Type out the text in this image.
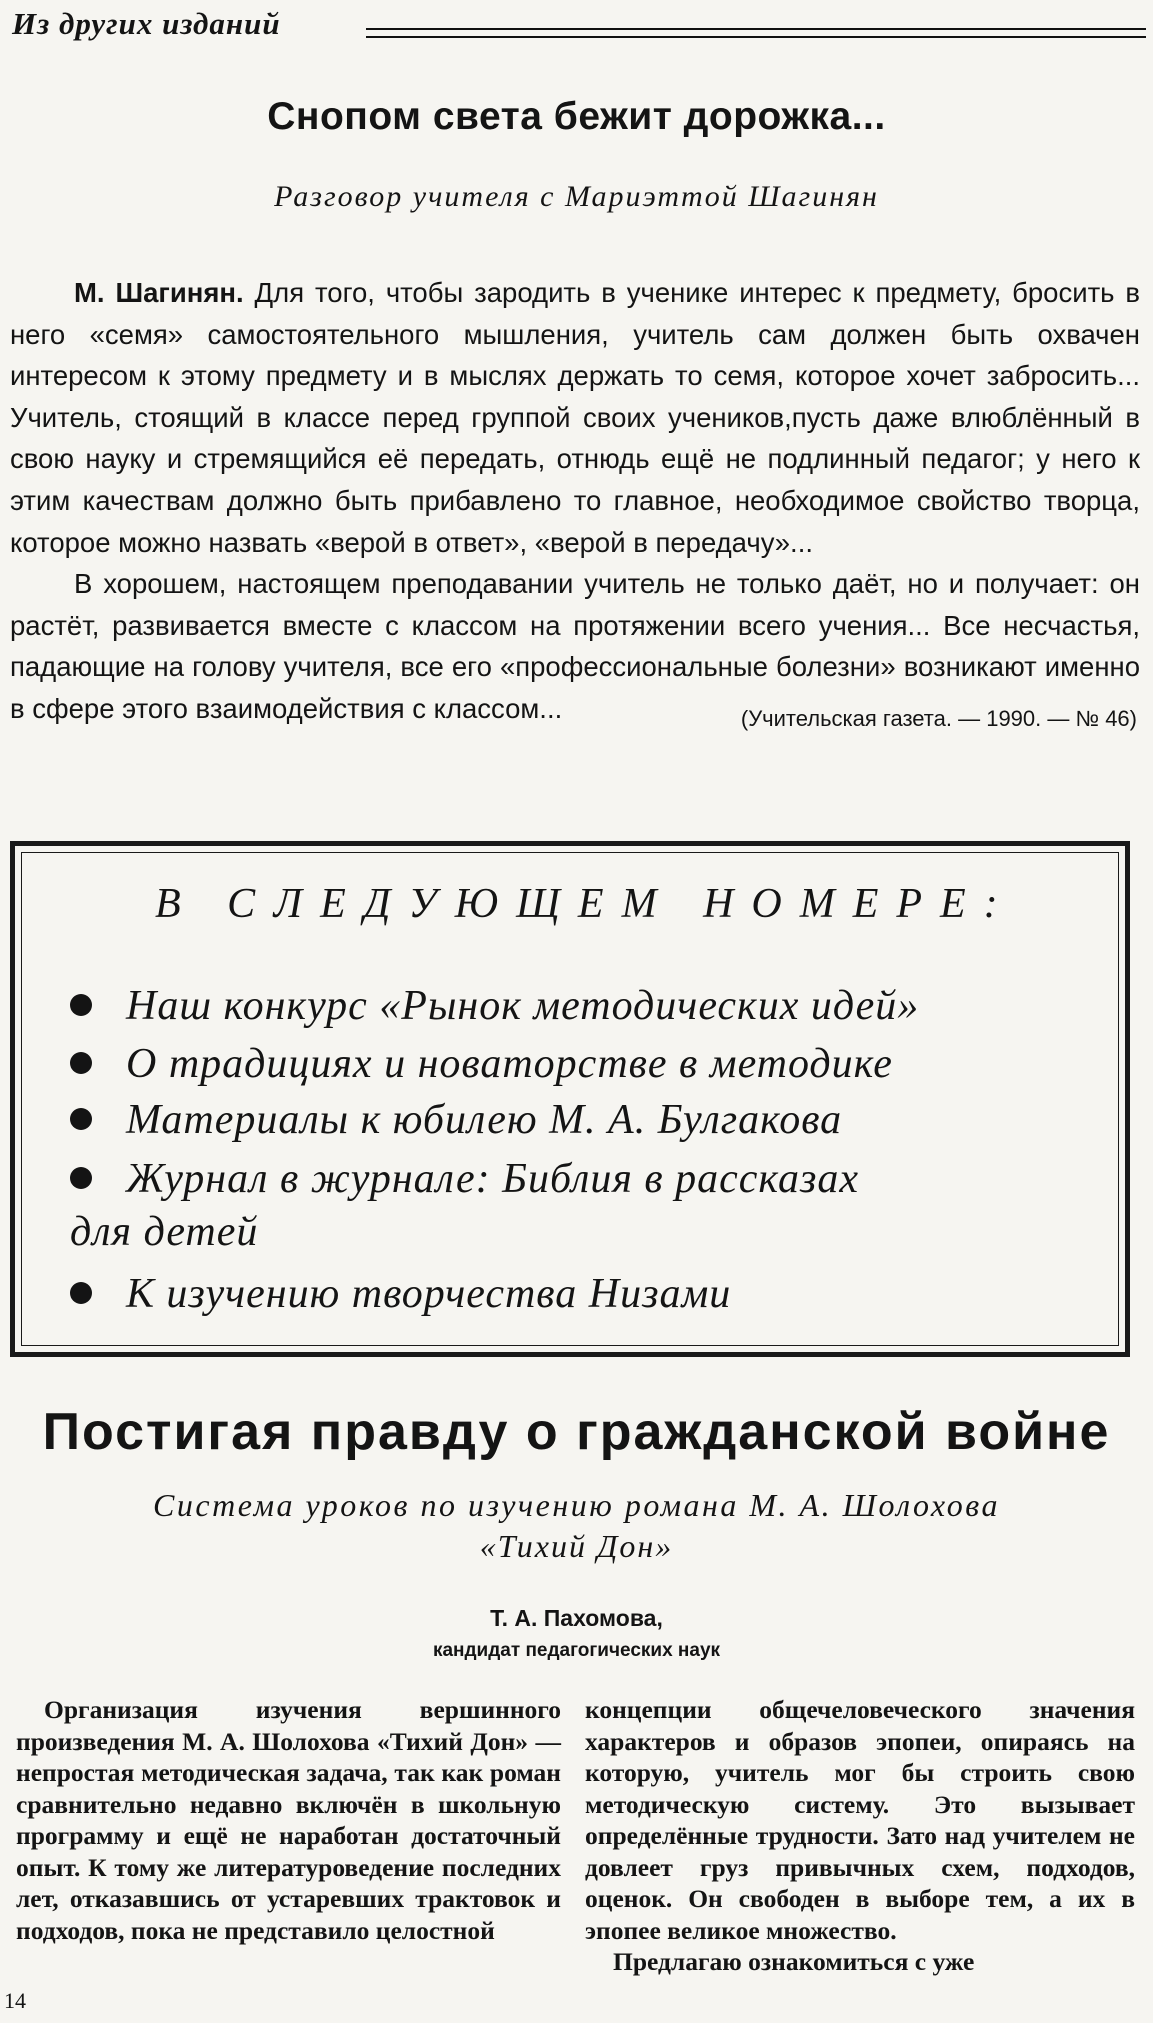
Из других изданий
Снопом света бежит дорожка...
Разговор учителя с Мариэттой Шагинян

М. Шагинян. Для того, чтобы зародить в ученике интерес к предмету, бросить в него «семя» самостоятельного мышления, учитель сам должен быть охвачен интересом к этому предмету и в мыслях держать то семя, которое хочет забросить... Учитель, стоящий в классе перед группой своих учеников,пусть даже влюблённый в свою науку и стремящийся её передать, отнюдь ещё не подлинный педагог; у него к этим качествам должно быть прибавлено то главное, необходимое свойство творца, которое можно назвать «верой в ответ», «верой в передачу»...

В хорошем, настоящем преподавании учитель не только даёт, но и получает: он растёт, развивается вместе с классом на протяжении всего учения... Все несчастья, падающие на голову учителя, все его «профессиональные болезни» возникают именно в сфере этого взаимодействия с классом...	(Учительская газета. — 1990. — № 46)
В СЛЕДУЮЩЕМ НОМЕРЕ:
Наш конкурс «Рынок методических идей»
О традициях и новаторстве в методике
Материалы к юбилею М. А. Булгакова
Журнал в журнале: Библия в рассказах
для детей
К изучению творчества Низами
Постигая правду о гражданской войне
Система уроков по изучению романа М. А. Шолохова
«Тихий Дон»
Т. А. Пахомова,
кандидат педагогических наук

Организация изучения вершинного произведения М. А. Шолохова «Тихий Дон» — непростая методическая задача, так как роман сравнительно недавно включён в школьную программу и ещё не наработан достаточный опыт. К тому же литературоведение последних лет, отказавшись от устаревших трактовок и подходов, пока не представило целостной

концепции общечеловеческого значения характеров и образов эпопеи, опираясь на которую, учитель мог бы строить свою методическую систему. Это вызывает определённые трудности. Зато над учителем не довлеет груз привычных схем, подходов, оценок. Он свободен в выборе тем, а их в эпопее великое множество.

Предлагаю ознакомиться с уже

14
